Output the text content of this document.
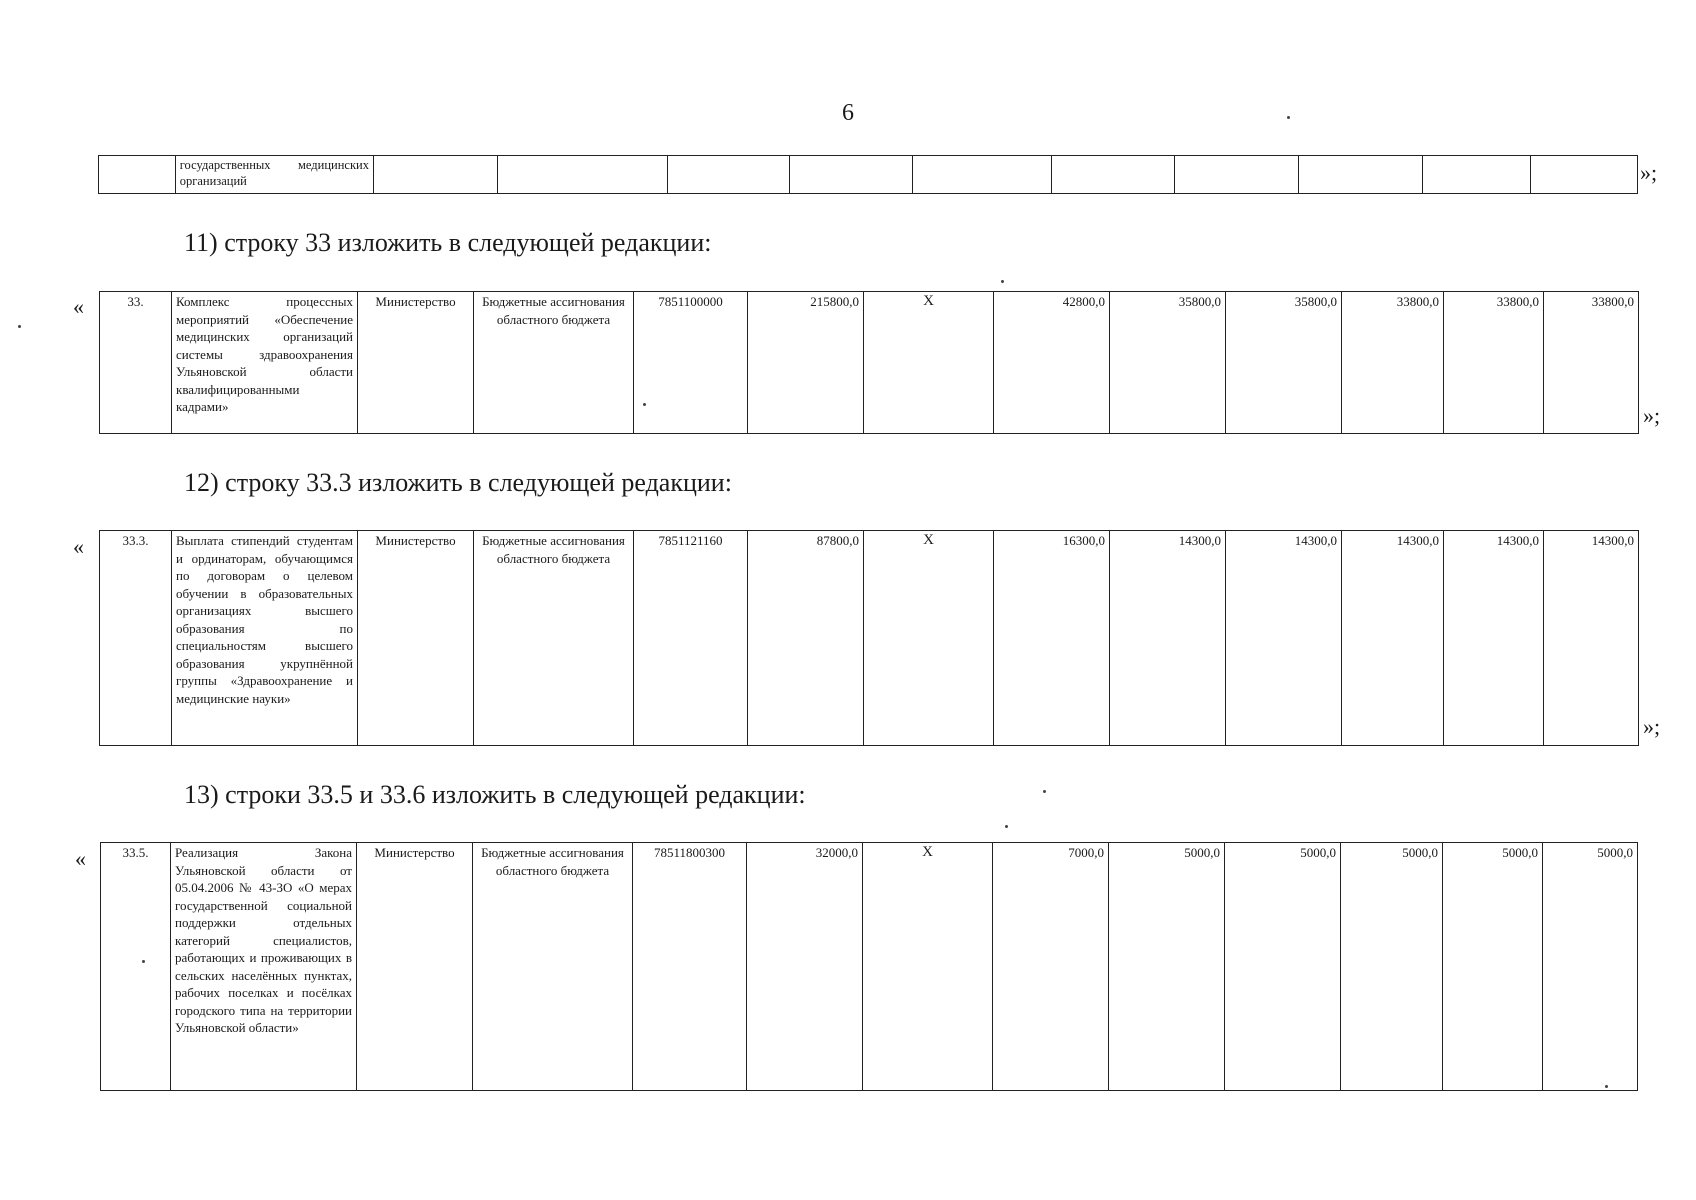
6
	государственных медицинских организаций											»;
11) строку 33 изложить в следующей редакции:
«	33.	Комплекс процессных мероприятий «Обеспечение медицинских организаций системы здравоохранения Ульяновской области квалифицированными кадрами»	Министерство	Бюджетные ассигнования областного бюджета	7851100000	215800,0	Х	42800,0	35800,0	35800,0	33800,0	33800,0	33800,0
»;
12) строку 33.3 изложить в следующей редакции:
«	33.3.	Выплата стипендий студентам и ординаторам, обучающимся по договорам о целевом обучении в образовательных организациях высшего образования по специальностям высшего образования укрупнённой группы «Здравоохранение и медицинские науки»	Министерство	Бюджетные ассигнования областного бюджета	7851121160	87800,0	Х	16300,0	14300,0	14300,0	14300,0	14300,0	14300,0
»;
13) строки 33.5 и 33.6 изложить в следующей редакции:
«	33.5.	Реализация Закона Ульяновской области от 05.04.2006 № 43-ЗО «О мерах государственной социальной поддержки отдельных категорий специалистов, работающих и проживающих в сельских населённых пунктах, рабочих поселках и посёлках городского типа на территории Ульяновской области»	Министерство	Бюджетные ассигнования областного бюджета	78511800300	32000,0	Х	7000,0	5000,0	5000,0	5000,0	5000,0	5000,0
